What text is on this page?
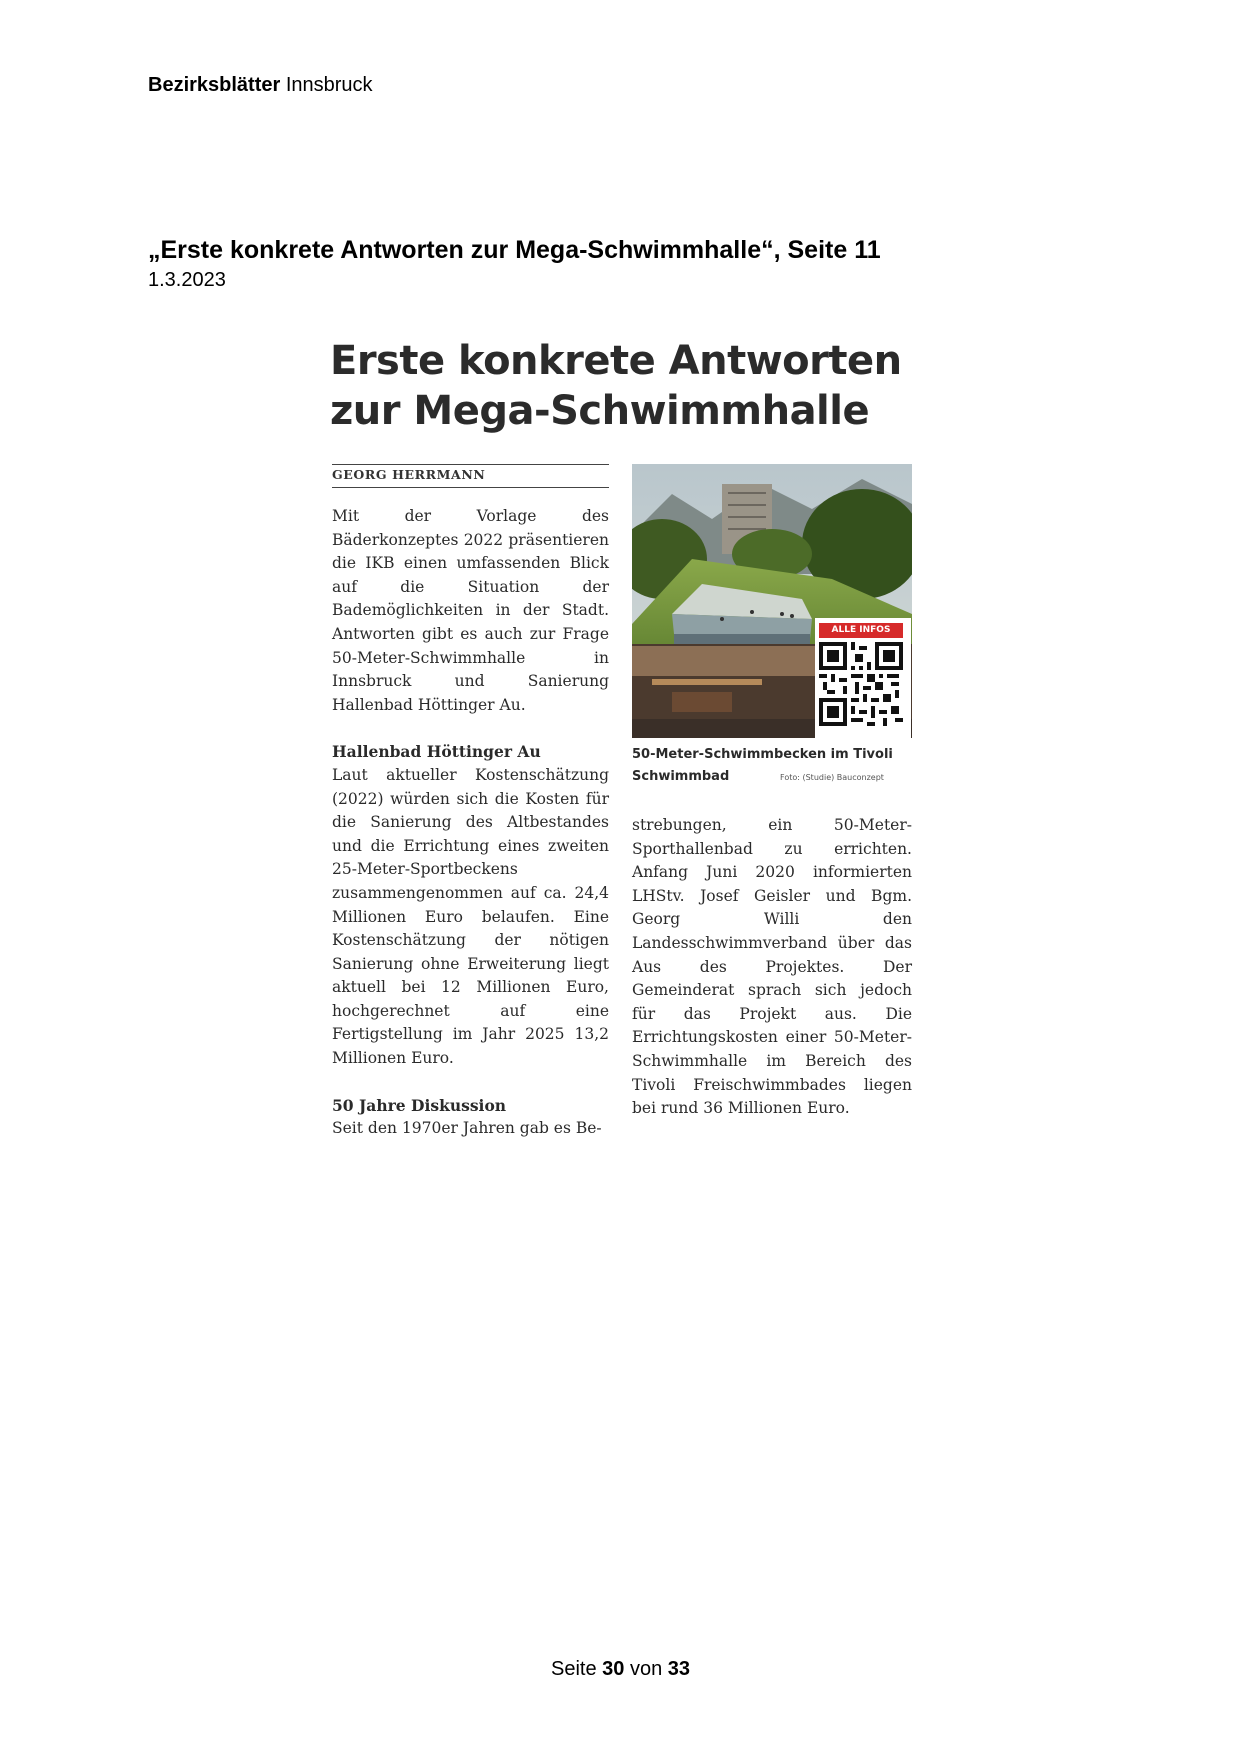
Bezirksblätter Innsbruck
„Erste konkrete Antworten zur Mega-Schwimmhalle“, Seite 11
1.3.2023
Erste konkrete Antworten
zur Mega-Schwimmhalle
GEORG HERRMANN

Mit der Vorlage des Bäderkonzeptes 2022 präsentieren die IKB einen umfassenden Blick auf die Situation der Bademöglichkeiten in der Stadt. Antworten gibt es auch zur Frage 50-Meter-Schwimmhalle in Innsbruck und Sanierung Hallenbad Höttinger Au.

Hallenbad Höttinger Au

Laut aktueller Kostenschätzung (2022) würden sich die Kosten für die Sanierung des Altbestandes und die Errichtung eines zweiten 25-Meter-Sportbeckens zusammengenommen auf ca. 24,4 Millionen Euro belaufen. Eine Kostenschätzung der nötigen Sanierung ohne Erweiterung liegt aktuell bei 12 Millionen Euro, hochgerechnet auf eine Fertigstellung im Jahr 2025 13,2 Millionen Euro.

50 Jahre Diskussion

Seit den 1970er Jahren gab es Be-

ALLE INFOS
50-Meter-Schwimmbecken im Tivoli Schwimmbad	Foto: (Studie) Bauconzept

strebungen, ein 50-Meter-Sporthallenbad zu errichten. Anfang Juni 2020 informierten LHStv. Josef Geisler und Bgm. Georg Willi den Landesschwimmverband über das Aus des Projektes. Der Gemeinderat sprach sich jedoch für das Projekt aus. Die Errichtungskosten einer 50-Meter-Schwimmhalle im Bereich des Tivoli Freischwimmbades liegen bei rund 36 Millionen Euro.

Seite 30 von 33
